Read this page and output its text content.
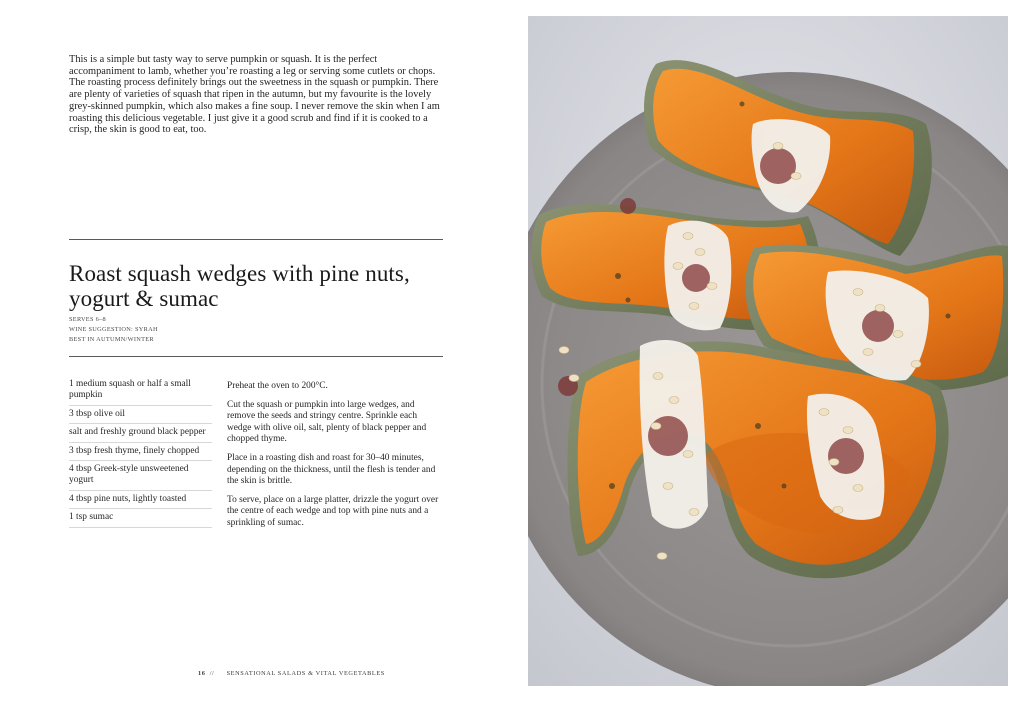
This is a simple but tasty way to serve pumpkin or squash. It is the perfect accompaniment to lamb, whether you’re roasting a leg or serving some cutlets or chops. The roasting process definitely brings out the sweetness in the squash or pumpkin. There are plenty of varieties of squash that ripen in the autumn, but my favourite is the lovely grey-skinned pumpkin, which also makes a fine soup. I never remove the skin when I am roasting this delicious vegetable. I just give it a good scrub and find if it is cooked to a crisp, the skin is good to eat, too.

Roast squash wedges with pine nuts, yogurt & sumac
SERVES 6–8
WINE SUGGESTION: SYRAH
BEST IN AUTUMN/WINTER
1 medium squash or half a small pumpkin
3 tbsp olive oil
salt and freshly ground black pepper
3 tbsp fresh thyme, finely chopped
4 tbsp Greek-style unsweetened yogurt
4 tbsp pine nuts, lightly toasted
1 tsp sumac

Preheat the oven to 200°C.

Cut the squash or pumpkin into large wedges, and remove the seeds and stringy centre. Sprinkle each wedge with olive oil, salt, plenty of black pepper and chopped thyme.

Place in a roasting dish and roast for 30–40 minutes, depending on the thickness, until the flesh is tender and the skin is brittle.

To serve, place on a large platter, drizzle the yogurt over the centre of each wedge and top with pine nuts and a sprinkling of sumac.

16 // SENSATIONAL SALADS & VITAL VEGETABLES
